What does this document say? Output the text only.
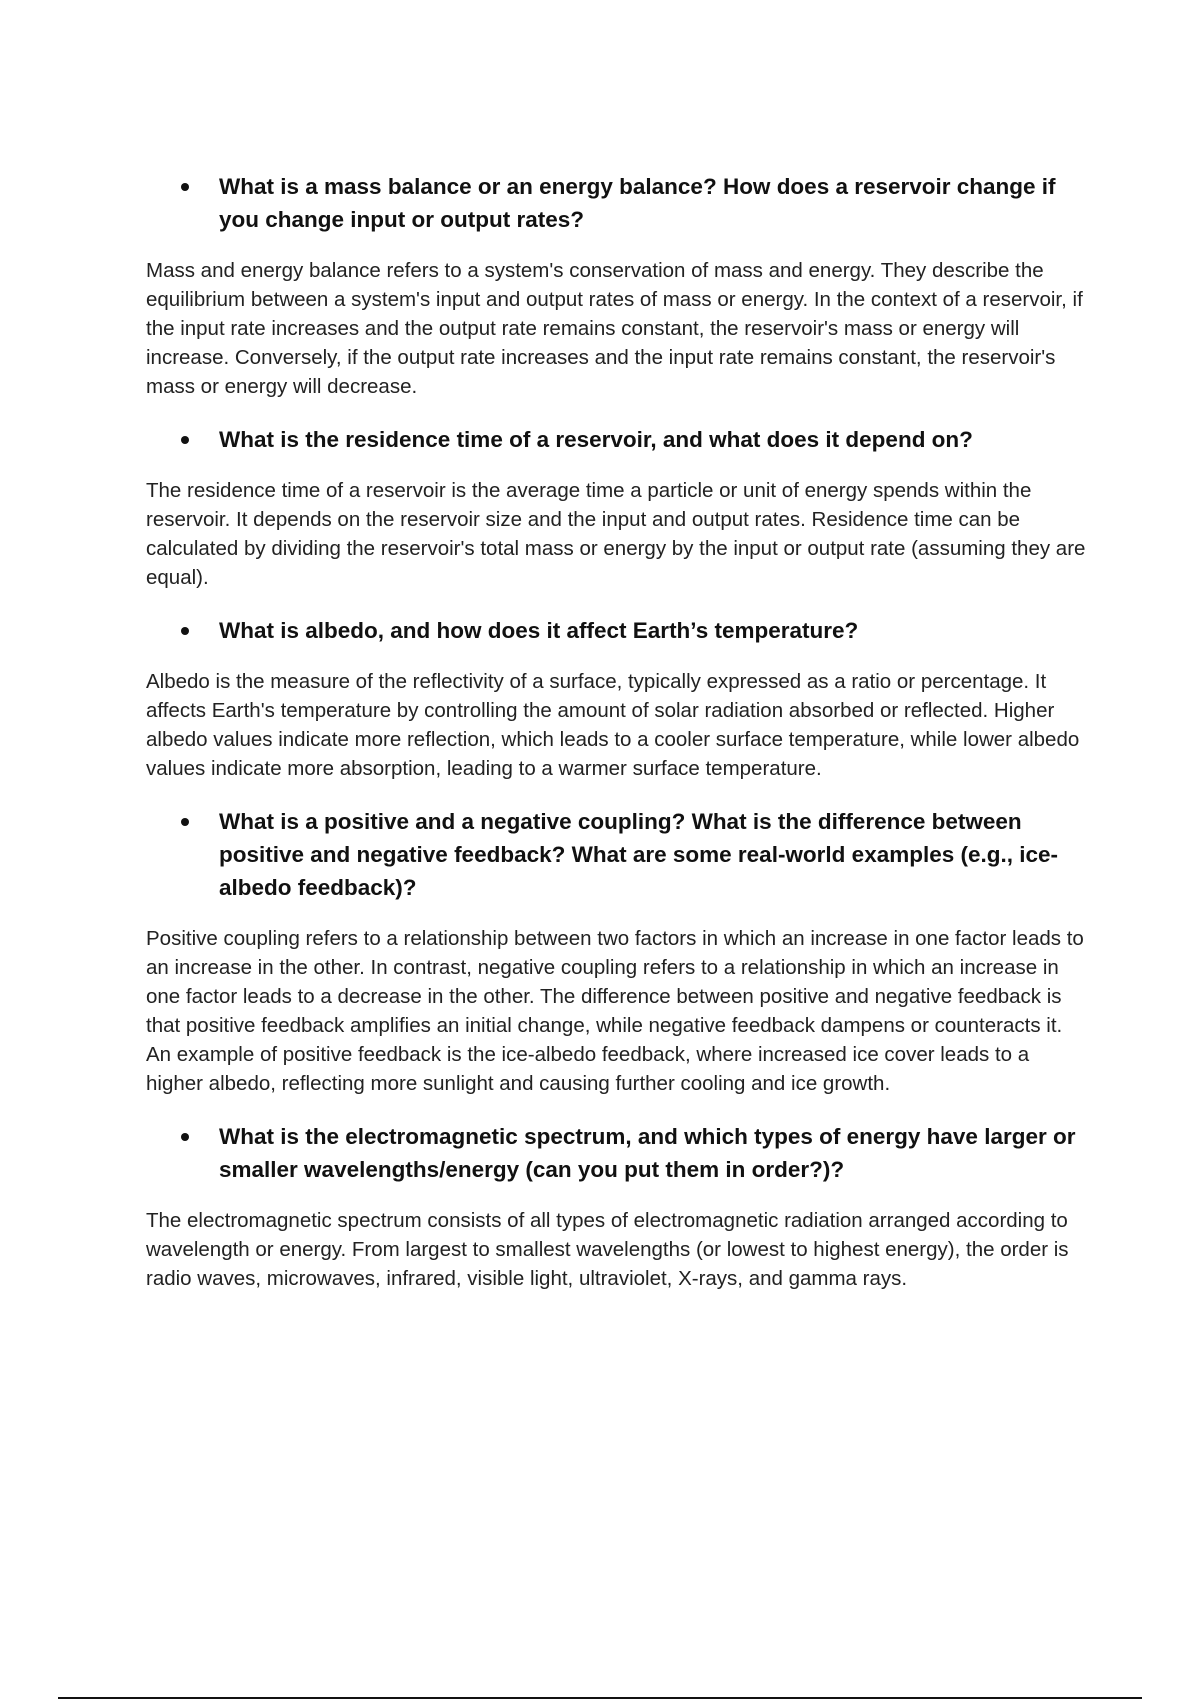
What is a mass balance or an energy balance? How does a reservoir change if you change input or output rates?

Mass and energy balance refers to a system's conservation of mass and energy. They describe the equilibrium between a system's input and output rates of mass or energy. In the context of a reservoir, if the input rate increases and the output rate remains constant, the reservoir's mass or energy will increase. Conversely, if the output rate increases and the input rate remains constant, the reservoir's mass or energy will decrease.

What is the residence time of a reservoir, and what does it depend on?

The residence time of a reservoir is the average time a particle or unit of energy spends within the reservoir. It depends on the reservoir size and the input and output rates. Residence time can be calculated by dividing the reservoir's total mass or energy by the input or output rate (assuming they are equal).

What is albedo, and how does it affect Earth’s temperature?

Albedo is the measure of the reflectivity of a surface, typically expressed as a ratio or percentage. It affects Earth's temperature by controlling the amount of solar radiation absorbed or reflected. Higher albedo values indicate more reflection, which leads to a cooler surface temperature, while lower albedo values indicate more absorption, leading to a warmer surface temperature.

What is a positive and a negative coupling? What is the difference between positive and negative feedback? What are some real-world examples (e.g., ice-albedo feedback)?

Positive coupling refers to a relationship between two factors in which an increase in one factor leads to an increase in the other. In contrast, negative coupling refers to a relationship in which an increase in one factor leads to a decrease in the other. The difference between positive and negative feedback is that positive feedback amplifies an initial change, while negative feedback dampens or counteracts it. An example of positive feedback is the ice-albedo feedback, where increased ice cover leads to a higher albedo, reflecting more sunlight and causing further cooling and ice growth.

What is the electromagnetic spectrum, and which types of energy have larger or smaller wavelengths/energy (can you put them in order?)?

The electromagnetic spectrum consists of all types of electromagnetic radiation arranged according to wavelength or energy. From largest to smallest wavelengths (or lowest to highest energy), the order is radio waves, microwaves, infrared, visible light, ultraviolet, X-rays, and gamma rays.
